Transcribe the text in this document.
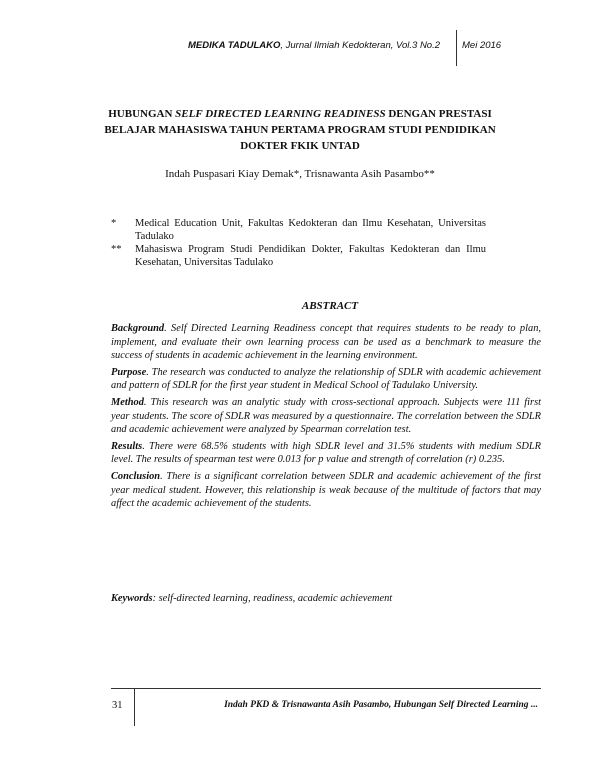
MEDIKA TADULAKO, Jurnal Ilmiah Kedokteran, Vol.3 No.2 Mei 2016
HUBUNGAN SELF DIRECTED LEARNING READINESS DENGAN PRESTASI BELAJAR MAHASISWA TAHUN PERTAMA PROGRAM STUDI PENDIDIKAN DOKTER FKIK UNTAD
Indah Puspasari Kiay Demak*, Trisnawanta Asih Pasambo**
* Medical Education Unit, Fakultas Kedokteran dan Ilmu Kesehatan, Universitas Tadulako
** Mahasiswa Program Studi Pendidikan Dokter, Fakultas Kedokteran dan Ilmu Kesehatan, Universitas Tadulako
ABSTRACT

Background. Self Directed Learning Readiness concept that requires students to be ready to plan, implement, and evaluate their own learning process can be used as a benchmark to measure the success of students in academic achievement in the learning environment.

Purpose. The research was conducted to analyze the relationship of SDLR with academic achievement and pattern of SDLR for the first year student in Medical School of Tadulako University.

Method. This research was an analytic study with cross-sectional approach. Subjects were 111 first year students. The score of SDLR was measured by a questionnaire. The correlation between the SDLR and academic achievement were analyzed by Spearman correlation test.

Results. There were 68.5% students with high SDLR level and 31.5% students with medium SDLR level. The results of spearman test were 0.013 for p value and strength of correlation (r) 0.235.

Conclusion. There is a significant correlation between SDLR and academic achievement of the first year medical student. However, this relationship is weak because of the multitude of factors that may affect the academic achievement of the students.

Keywords: self-directed learning, readiness, academic achievement
31	Indah PKD & Trisnawanta Asih Pasambo, Hubungan Self Directed Learning ...
